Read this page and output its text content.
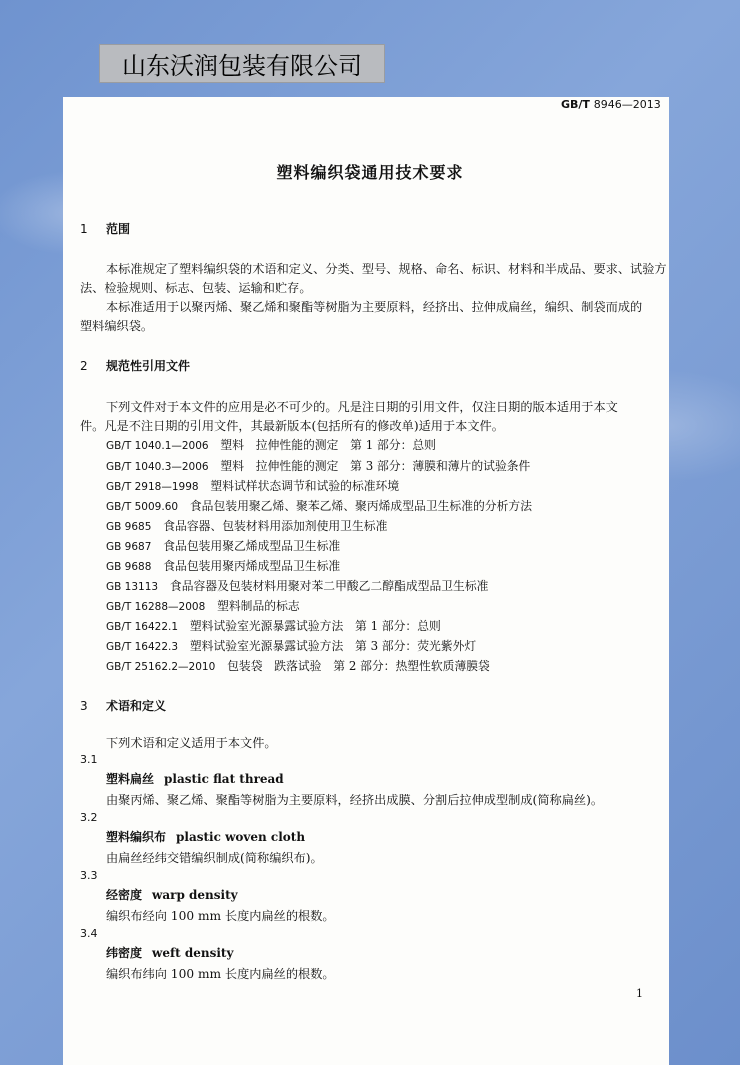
山东沃润包装有限公司
GB/T 8946—2013
塑料编织袋通用技术要求
1 范围
本标准规定了塑料编织袋的术语和定义、分类、型号、规格、命名、标识、材料和半成品、要求、试验方
法、检验规则、标志、包装、运输和贮存。
本标准适用于以聚丙烯、聚乙烯和聚酯等树脂为主要原料，经挤出、拉伸成扁丝，编织、制袋而成的
塑料编织袋。
2 规范性引用文件
下列文件对于本文件的应用是必不可少的。凡是注日期的引用文件，仅注日期的版本适用于本文
件。凡是不注日期的引用文件，其最新版本(包括所有的修改单)适用于本文件。
GB/T 1040.1—2006　 塑料　拉伸性能的测定　第 1 部分：总则
GB/T 1040.3—2006　 塑料　拉伸性能的测定　第 3 部分：薄膜和薄片的试验条件
GB/T 2918—1998　 塑料试样状态调节和试验的标准环境
GB/T 5009.60　 食品包装用聚乙烯、聚苯乙烯、聚丙烯成型品卫生标准的分析方法
GB 9685　 食品容器、包装材料用添加剂使用卫生标准
GB 9687　 食品包装用聚乙烯成型品卫生标准
GB 9688　 食品包装用聚丙烯成型品卫生标准
GB 13113　 食品容器及包装材料用聚对苯二甲酸乙二醇酯成型品卫生标准
GB/T 16288—2008　 塑料制品的标志
GB/T 16422.1　 塑料试验室光源暴露试验方法　第 1 部分：总则
GB/T 16422.3　 塑料试验室光源暴露试验方法　第 3 部分：荧光紫外灯
GB/T 25162.2—2010　 包装袋　跌落试验　第 2 部分：热塑性软质薄膜袋
3 术语和定义
下列术语和定义适用于本文件。
3.1
塑料扁丝 plastic flat thread
由聚丙烯、聚乙烯、聚酯等树脂为主要原料，经挤出成膜、分割后拉伸成型制成(简称扁丝)。
3.2
塑料编织布 plastic woven cloth
由扁丝经纬交错编织制成(简称编织布)。
3.3
经密度 warp density
编织布经向 100 mm 长度内扁丝的根数。
3.4
纬密度 weft density
编织布纬向 100 mm 长度内扁丝的根数。
1
